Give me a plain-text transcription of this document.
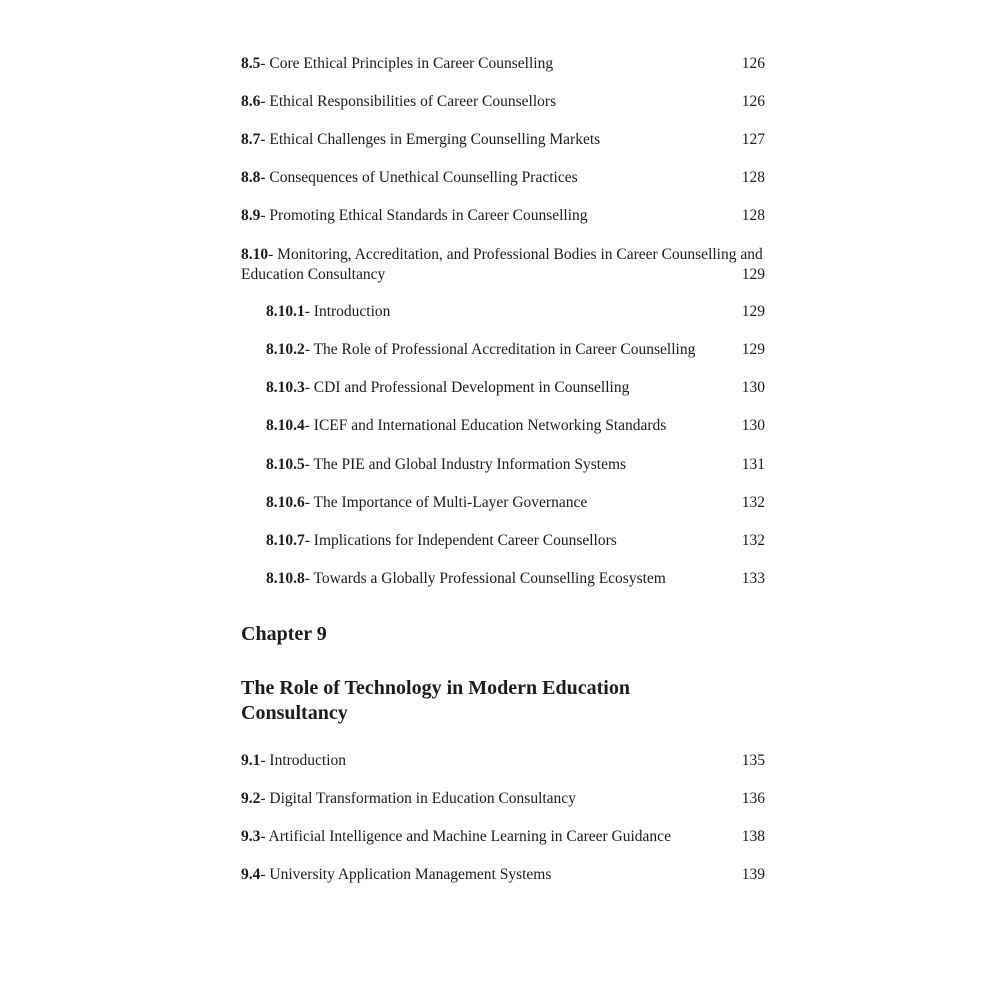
8.5- Core Ethical Principles in Career Counselling	126
8.6- Ethical Responsibilities of Career Counsellors	126
8.7- Ethical Challenges in Emerging Counselling Markets	127
8.8- Consequences of Unethical Counselling Practices	128
8.9- Promoting Ethical Standards in Career Counselling	128
8.10- Monitoring, Accreditation, and Professional Bodies in Career Counselling and Education Consultancy	129
8.10.1- Introduction	129
8.10.2- The Role of Professional Accreditation in Career Counselling	129
8.10.3- CDI and Professional Development in Counselling	130
8.10.4- ICEF and International Education Networking Standards	130
8.10.5- The PIE and Global Industry Information Systems	131
8.10.6- The Importance of Multi-Layer Governance	132
8.10.7- Implications for Independent Career Counsellors	132
8.10.8- Towards a Globally Professional Counselling Ecosystem	133
Chapter 9
The Role of Technology in Modern Education Consultancy
9.1- Introduction	135
9.2- Digital Transformation in Education Consultancy	136
9.3- Artificial Intelligence and Machine Learning in Career Guidance	138
9.4- University Application Management Systems	139
